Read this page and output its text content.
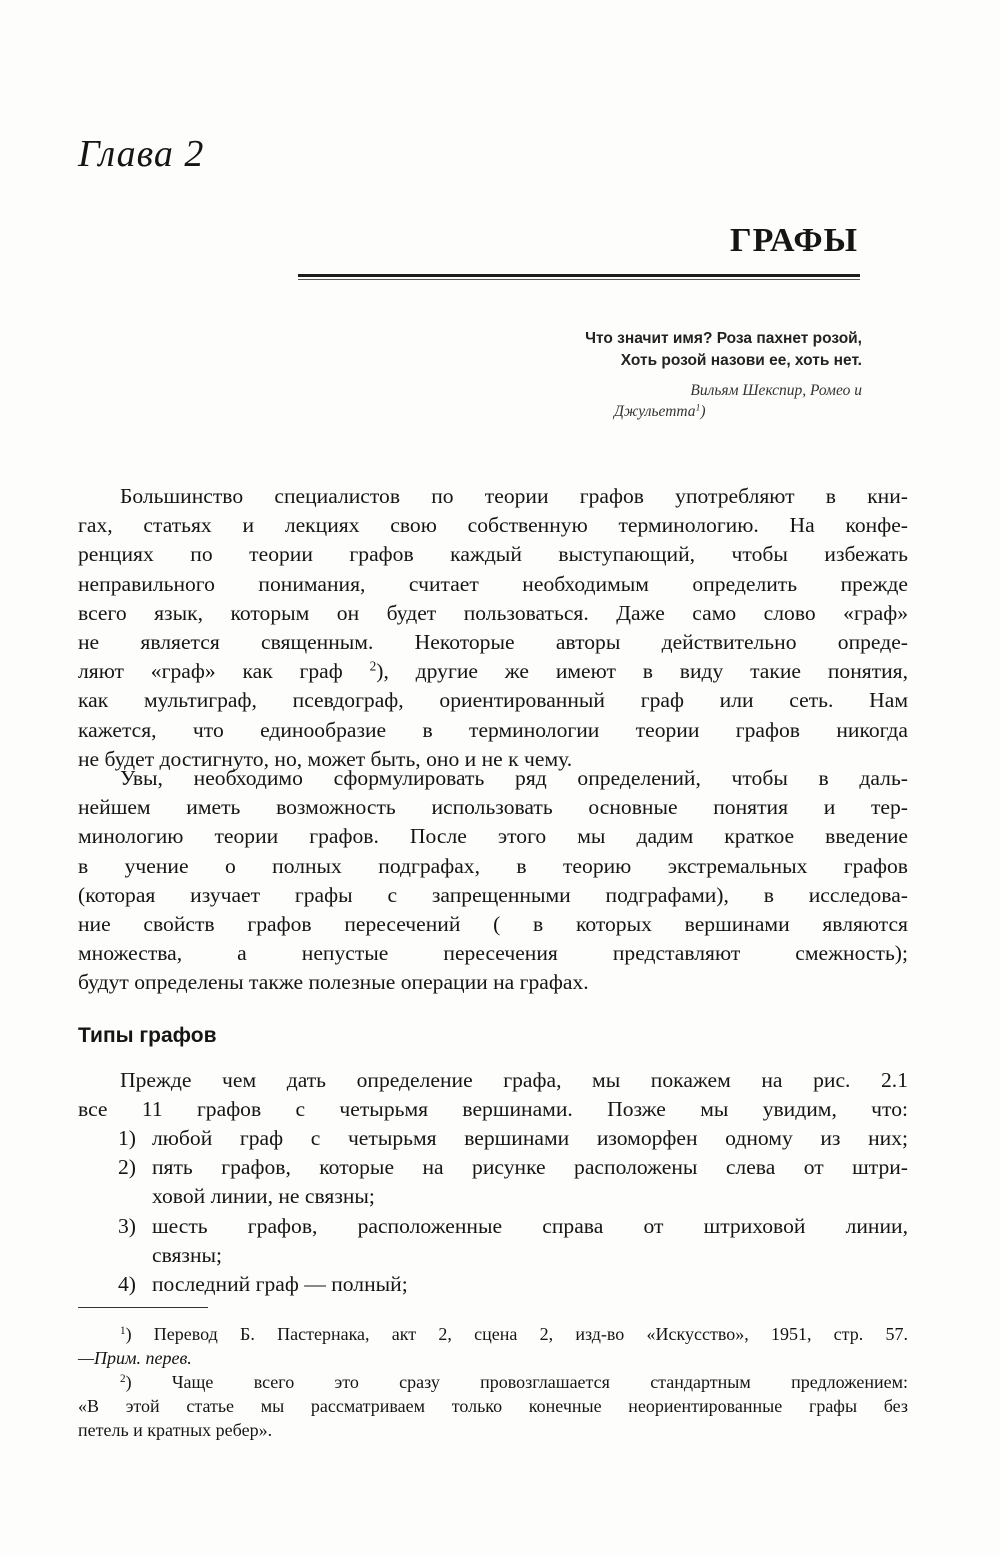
Глава 2
ГРАФЫ
Что значит имя? Роза пахнет розой,
Хоть розой назови ее, хоть нет.
Вильям Шекспир, Ромео и
Джульетта$^1$)
Большинство специалистов по теории графов употребляют в кни-
гах, статьях и лекциях свою собственную терминологию. На конфе-
ренциях по теории графов каждый выступающий, чтобы избежать
неправильного понимания, считает необходимым определить прежде
всего язык, которым он будет пользоваться. Даже само слово «граф»
не является священным. Некоторые авторы действительно опреде-
ляют «граф» как граф $^2$), другие же имеют в виду такие понятия,
как мультиграф, псевдограф, ориентированный граф или сеть. Нам
кажется, что единообразие в терминологии теории графов никогда
не будет достигнуто, но, может быть, оно и не к чему.
Увы, необходимо сформулировать ряд определений, чтобы в даль-
нейшем иметь возможность использовать основные понятия и тер-
минологию теории графов. После этого мы дадим краткое введение
в учение о полных подграфах, в теорию экстремальных графов
(которая изучает графы с запрещенными подграфами), в исследова-
ние свойств графов пересечений ( в которых вершинами являются
множества, а непустые пересечения представляют смежность);
будут определены также полезные операции на графах.
Типы графов
Прежде чем дать определение графа, мы покажем на рис. 2.1
все 11 графов с четырьмя вершинами. Позже мы увидим, что:
1) любой граф с четырьмя вершинами изоморфен одному из них;
2) пять графов, которые на рисунке расположены слева от штри-
ховой линии, не связны;
3) шесть графов, расположенные справа от штриховой линии,
связны;
4) последний граф — полный;
$^1$) Перевод Б. Пастернака, акт 2, сцена 2, изд-во «Искусство», 1951, стр. 57.
—Прим. перев.
$^2$) Чаще всего это сразу провозглашается стандартным предложением:
«В этой статье мы рассматриваем только конечные неориентированные графы без
петель и кратных ребер».
